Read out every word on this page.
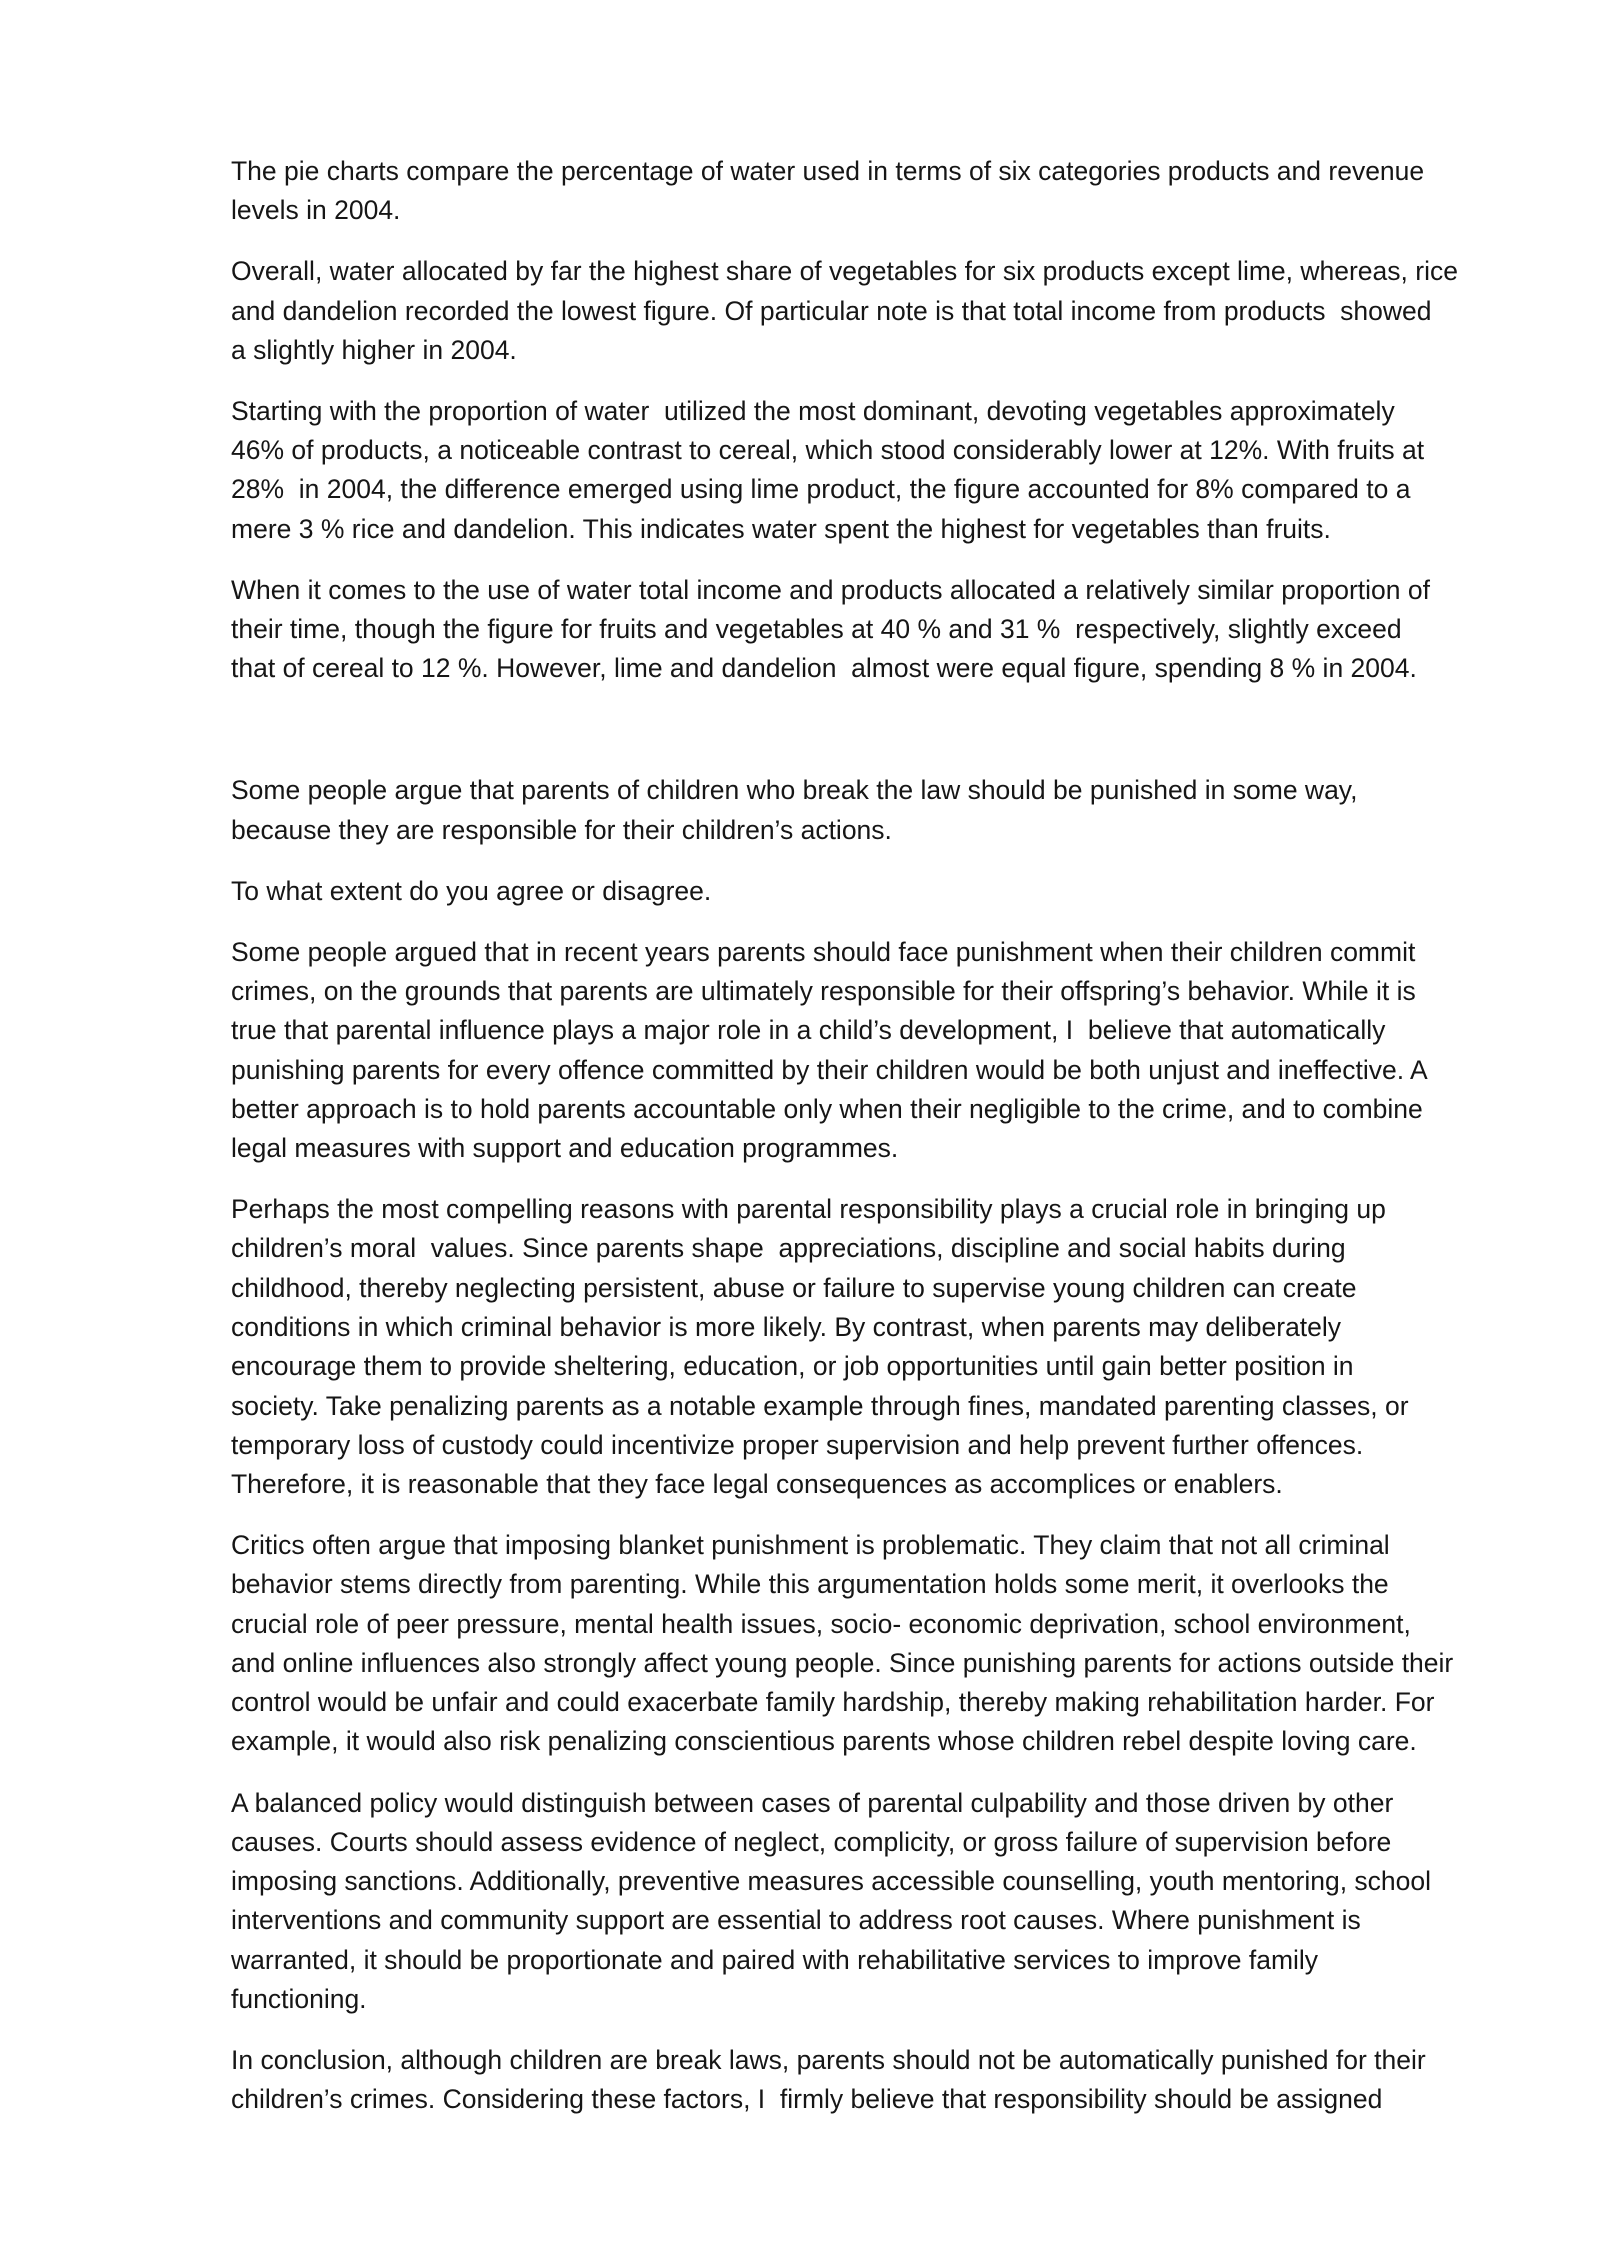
The pie charts compare the percentage of water used in terms of six categories products and revenue
levels in 2004.
Overall, water allocated by far the highest share of vegetables for six products except lime, whereas, rice
and dandelion recorded the lowest figure. Of particular note is that total income from products  showed
a slightly higher in 2004.
Starting with the proportion of water  utilized the most dominant, devoting vegetables approximately
46% of products, a noticeable contrast to cereal, which stood considerably lower at 12%. With fruits at
28%  in 2004, the difference emerged using lime product, the figure accounted for 8% compared to a
mere 3 % rice and dandelion. This indicates water spent the highest for vegetables than fruits.
When it comes to the use of water total income and products allocated a relatively similar proportion of
their time, though the figure for fruits and vegetables at 40 % and 31 %  respectively, slightly exceed
that of cereal to 12 %. However, lime and dandelion  almost were equal figure, spending 8 % in 2004.
Some people argue that parents of children who break the law should be punished in some way,
because they are responsible for their children’s actions.
To what extent do you agree or disagree.
Some people argued that in recent years parents should face punishment when their children commit
crimes, on the grounds that parents are ultimately responsible for their offspring’s behavior. While it is
true that parental influence plays a major role in a child’s development, I  believe that automatically
punishing parents for every offence committed by their children would be both unjust and ineffective. A
better approach is to hold parents accountable only when their negligible to the crime, and to combine
legal measures with support and education programmes.
Perhaps the most compelling reasons with parental responsibility plays a crucial role in bringing up
children’s moral  values. Since parents shape  appreciations, discipline and social habits during
childhood, thereby neglecting persistent, abuse or failure to supervise young children can create
conditions in which criminal behavior is more likely. By contrast, when parents may deliberately
encourage them to provide sheltering, education, or job opportunities until gain better position in
society. Take penalizing parents as a notable example through fines, mandated parenting classes, or
temporary loss of custody could incentivize proper supervision and help prevent further offences.
Therefore, it is reasonable that they face legal consequences as accomplices or enablers.
Critics often argue that imposing blanket punishment is problematic. They claim that not all criminal
behavior stems directly from parenting. While this argumentation holds some merit, it overlooks the
crucial role of peer pressure, mental health issues, socio- economic deprivation, school environment,
and online influences also strongly affect young people. Since punishing parents for actions outside their
control would be unfair and could exacerbate family hardship, thereby making rehabilitation harder. For
example, it would also risk penalizing conscientious parents whose children rebel despite loving care.
A balanced policy would distinguish between cases of parental culpability and those driven by other
causes. Courts should assess evidence of neglect, complicity, or gross failure of supervision before
imposing sanctions. Additionally, preventive measures accessible counselling, youth mentoring, school
interventions and community support are essential to address root causes. Where punishment is
warranted, it should be proportionate and paired with rehabilitative services to improve family
functioning.
In conclusion, although children are break laws, parents should not be automatically punished for their
children’s crimes. Considering these factors, I  firmly believe that responsibility should be assigned
